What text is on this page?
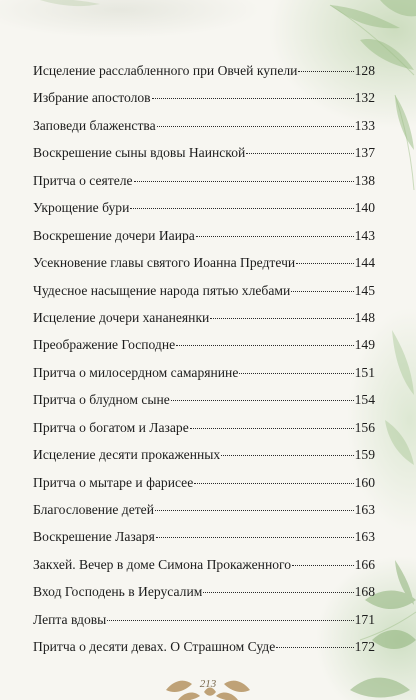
Исцеление расслабленного при Овчей купели	128
Избрание апостолов	132
Заповеди блаженства	133
Воскрешение сыны вдовы Наинской	137
Притча о сеятеле	138
Укрощение бури	140
Воскрешение дочери Иаира	143
Усекновение главы святого Иоанна Предтечи	144
Чудесное насыщение народа пятью хлебами	145
Исцеление дочери хананеянки	148
Преображение Господне	149
Притча о милосердном самарянине	151
Притча о блудном сыне	154
Притча о богатом и Лазаре	156
Исцеление десяти прокаженных	159
Притча о мытаре и фарисее	160
Благословение детей	163
Воскрешение Лазаря	163
Закхей. Вечер в доме Симона Прокаженного	166
Вход Господень в Иерусалим	168
Лепта вдовы	171
Притча о десяти девах. О Страшном Суде	172
213
